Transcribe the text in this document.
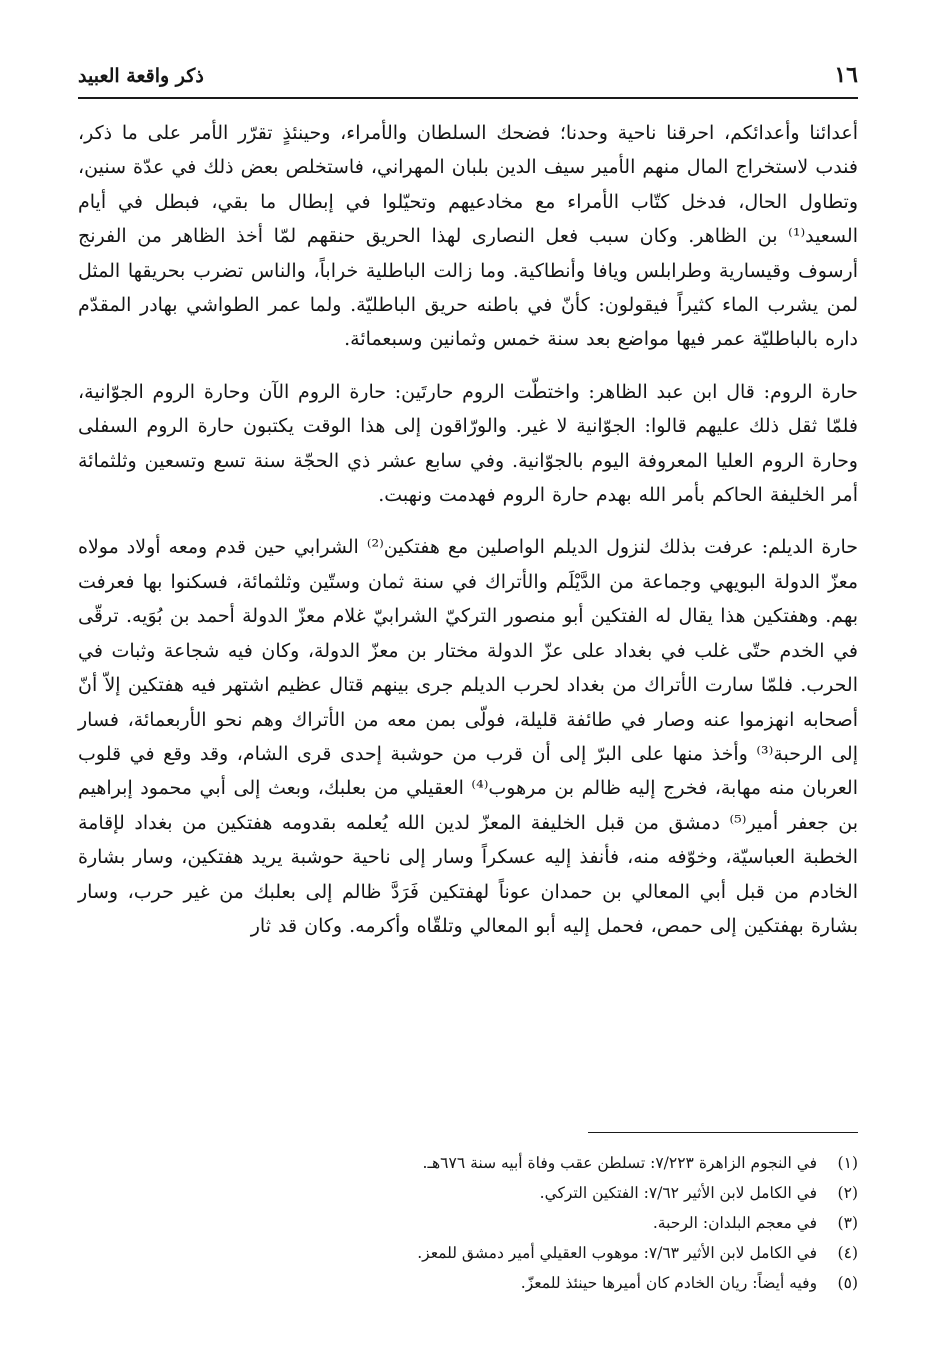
١٦
ذكر واقعة العبيد

أعدائنا وأعدائكم، احرقنا ناحية وحدنا؛ فضحك السلطان والأمراء، وحينئذٍ تقرّر الأمر على ما ذكر، فندب لاستخراج المال منهم الأمير سيف الدين بلبان المهراني، فاستخلص بعض ذلك في عدّة سنين، وتطاول الحال، فدخل كتّاب الأمراء مع مخادعيهم وتحيّلوا في إبطال ما بقي، فبطل في أيام السعيد⁽¹⁾ بن الظاهر. وكان سبب فعل النصارى لهذا الحريق حنقهم لمّا أخذ الظاهر من الفرنج أرسوف وقيسارية وطرابلس ويافا وأنطاكية. وما زالت الباطلية خراباً، والناس تضرب بحريقها المثل لمن يشرب الماء كثيراً فيقولون: كأنّ في باطنه حريق الباطليّة. ولما عمر الطواشي بهادر المقدّم داره بالباطليّة عمر فيها مواضع بعد سنة خمس وثمانين وسبعمائة.

حارة الروم: قال ابن عبد الظاهر: واختطّت الروم حارتَين: حارة الروم الآن وحارة الروم الجوّانية، فلمّا ثقل ذلك عليهم قالوا: الجوّانية لا غير. والورّاقون إلى هذا الوقت يكتبون حارة الروم السفلى وحارة الروم العليا المعروفة اليوم بالجوّانية. وفي سابع عشر ذي الحجّة سنة تسع وتسعين وثلثمائة أمر الخليفة الحاكم بأمر الله بهدم حارة الروم فهدمت ونهبت.

حارة الديلم: عرفت بذلك لنزول الديلم الواصلين مع هفتكين⁽²⁾ الشرابي حين قدم ومعه أولاد مولاه معزّ الدولة البويهي وجماعة من الدَّيْلَم والأتراك في سنة ثمان وستّين وثلثمائة، فسكنوا بها فعرفت بهم. وهفتكين هذا يقال له الفتكين أبو منصور التركيّ الشرابيّ غلام معزّ الدولة أحمد بن بُوَيه. ترقّى في الخدم حتّى غلب في بغداد على عزّ الدولة مختار بن معزّ الدولة، وكان فيه شجاعة وثبات في الحرب. فلمّا سارت الأتراك من بغداد لحرب الديلم جرى بينهم قتال عظيم اشتهر فيه هفتكين إلاّ أنّ أصحابه انهزموا عنه وصار في طائفة قليلة، فولّى بمن معه من الأتراك وهم نحو الأربعمائة، فسار إلى الرحبة⁽³⁾ وأخذ منها على البرّ إلى أن قرب من حوشبة إحدى قرى الشام، وقد وقع في قلوب العربان منه مهابة، فخرج إليه ظالم بن مرهوب⁽⁴⁾ العقيلي من بعلبك، وبعث إلى أبي محمود إبراهيم بن جعفر أمير⁽⁵⁾ دمشق من قبل الخليفة المعزّ لدين الله يُعلمه بقدومه هفتكين من بغداد لإقامة الخطبة العباسيّة، وخوّفه منه، فأنفذ إليه عسكراً وسار إلى ناحية حوشبة يريد هفتكين، وسار بشارة الخادم من قبل أبي المعالي بن حمدان عوناً لهفتكين فَرَدَّ ظالم إلى بعلبك من غير حرب، وسار بشارة بهفتكين إلى حمص، فحمل إليه أبو المعالي وتلقّاه وأكرمه. وكان قد ثار

(١) في النجوم الزاهرة ٧/٢٢٣: تسلطن عقب وفاة أبيه سنة ٦٧٦هـ.
(٢) في الكامل لابن الأثير ٧/٦٢: الفتكين التركي.
(٣) في معجم البلدان: الرحبة.
(٤) في الكامل لابن الأثير ٧/٦٣: موهوب العقيلي أمير دمشق للمعز.
(٥) وفيه أيضاً: ريان الخادم كان أميرها حينئذ للمعزّ.
